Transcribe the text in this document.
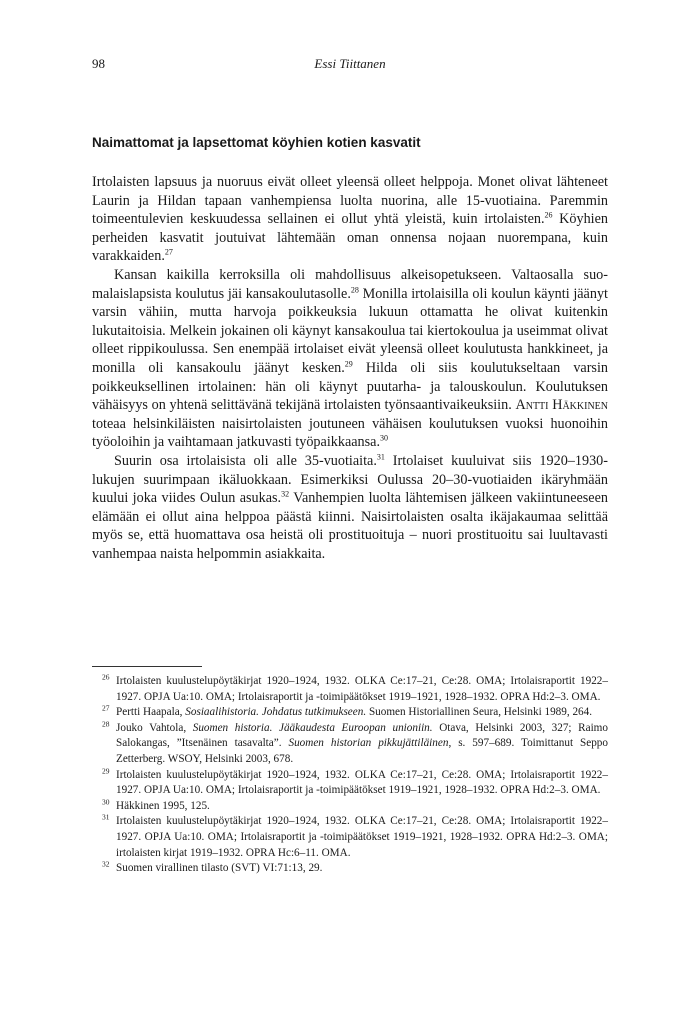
98	Essi Tiittanen
Naimattomat ja lapsettomat köyhien kotien kasvatit

Irtolaisten lapsuus ja nuoruus eivät olleet yleensä olleet helppoja. Monet olivat lähteneet Laurin ja Hildan tapaan vanhempiensa luolta nuorina, alle 15-vuotiaina. Paremmin toimeentulevien keskuudessa sellainen ei ollut yhtä yleistä, kuin irtolaisten.$^{26}$ Köyhien perheiden kasvatit joutuivat lähtemään oman onnensa nojaan nuorempana, kuin varakkaiden.$^{27}$

Kansan kaikilla kerroksilla oli mahdollisuus alkeisopetukseen. Valtaosalla suomalaislapsista koulutus jäi kansakoulutasolle.$^{28}$ Monilla irtolaisilla oli koulun käynti jäänyt varsin vähiin, mutta harvoja poikkeuksia lukuun ottamatta he olivat kuitenkin lukutaitoisia. Melkein jokainen oli käynyt kansakoulua tai kiertokoulua ja useimmat olivat olleet rippikoulussa. Sen enempää irtolaiset eivät yleensä olleet koulutusta hankkineet, ja monilla oli kansakoulu jäänyt kesken.$^{29}$ Hilda oli siis koulutukseltaan varsin poikkeuksellinen irtolainen: hän oli käynyt puutarha- ja talouskoulun. Koulutuksen vähäisyys on yhtenä selittävänä tekijänä irtolaisten työnsaantivaikeuksiin. Antti Häkkinen toteaa helsinkiläisten naisirtolaisten joutuneen vähäisen koulutuksen vuoksi huonoihin työoloihin ja vaihtamaan jatkuvasti työpaikkaansa.$^{30}$

Suurin osa irtolaisista oli alle 35-vuotiaita.$^{31}$ Irtolaiset kuuluivat siis 1920–1930-lukujen suurimpaan ikäluokkaan. Esimerkiksi Oulussa 20–30-vuotiaiden ikäryhmään kuului joka viides Oulun asukas.$^{32}$ Vanhempien luolta lähtemisen jälkeen vakiintuneeseen elämään ei ollut aina helppoa päästä kiinni. Naisirtolaisten osalta ikäjakaumaa selittää myös se, että huomattava osa heistä oli prostituoituja – nuori prostituoitu sai luultavasti vanhempaa naista helpommin asiakkaita.

$^{26}$ Irtolaisten kuulustelupöytäkirjat 1920–1924, 1932. OLKA Ce:17–21, Ce:28. OMA; Irtolaisraportit 1922–1927. OPJA Ua:10. OMA; Irtolaisraportit ja -toimipäätökset 1919–1921, 1928–1932. OPRA Hd:2–3. OMA.
$^{27}$ Pertti Haapala, Sosiaalihistoria. Johdatus tutkimukseen. Suomen Historiallinen Seura, Helsinki 1989, 264.
$^{28}$ Jouko Vahtola, Suomen historia. Jääkaudesta Euroopan unioniin. Otava, Helsinki 2003, 327; Raimo Salokangas, ”Itsenäinen tasavalta”. Suomen historian pikkujättiläinen, s. 597–689. Toimittanut Seppo Zetterberg. WSOY, Helsinki 2003, 678.
$^{29}$ Irtolaisten kuulustelupöytäkirjat 1920–1924, 1932. OLKA Ce:17–21, Ce:28. OMA; Irtolaisraportit 1922–1927. OPJA Ua:10. OMA; Irtolaisraportit ja -toimipäätökset 1919–1921, 1928–1932. OPRA Hd:2–3. OMA.
$^{30}$ Häkkinen 1995, 125.
$^{31}$ Irtolaisten kuulustelupöytäkirjat 1920–1924, 1932. OLKA Ce:17–21, Ce:28. OMA; Irtolaisraportit 1922–1927. OPJA Ua:10. OMA; Irtolaisraportit ja -toimipäätökset 1919–1921, 1928–1932. OPRA Hd:2–3. OMA; irtolaisten kirjat 1919–1932. OPRA Hc:6–11. OMA.
$^{32}$ Suomen virallinen tilasto (SVT) VI:71:13, 29.
